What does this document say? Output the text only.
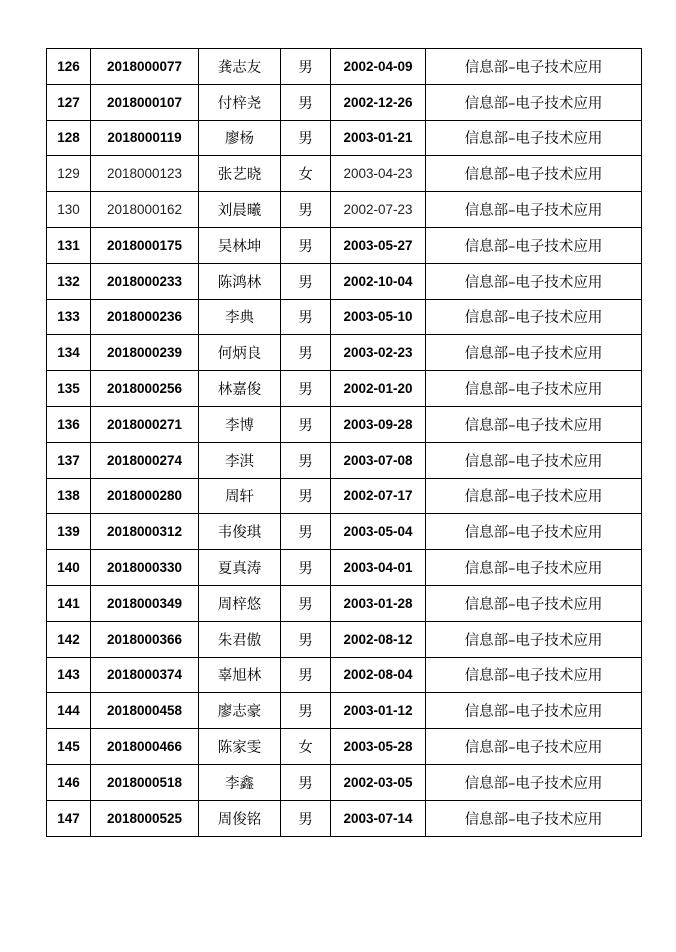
126	2018000077	龚志友	男	2002-04-09	信息部–电子技术应用
127	2018000107	付梓尧	男	2002-12-26	信息部–电子技术应用
128	2018000119	廖杨	男	2003-01-21	信息部–电子技术应用
129	2018000123	张艺晓	女	2003-04-23	信息部–电子技术应用
130	2018000162	刘晨曦	男	2002-07-23	信息部–电子技术应用
131	2018000175	吴林坤	男	2003-05-27	信息部–电子技术应用
132	2018000233	陈鸿林	男	2002-10-04	信息部–电子技术应用
133	2018000236	李典	男	2003-05-10	信息部–电子技术应用
134	2018000239	何炳良	男	2003-02-23	信息部–电子技术应用
135	2018000256	林嘉俊	男	2002-01-20	信息部–电子技术应用
136	2018000271	李博	男	2003-09-28	信息部–电子技术应用
137	2018000274	李淇	男	2003-07-08	信息部–电子技术应用
138	2018000280	周轩	男	2002-07-17	信息部–电子技术应用
139	2018000312	韦俊琪	男	2003-05-04	信息部–电子技术应用
140	2018000330	夏真涛	男	2003-04-01	信息部–电子技术应用
141	2018000349	周梓悠	男	2003-01-28	信息部–电子技术应用
142	2018000366	朱君傲	男	2002-08-12	信息部–电子技术应用
143	2018000374	辜旭林	男	2002-08-04	信息部–电子技术应用
144	2018000458	廖志豪	男	2003-01-12	信息部–电子技术应用
145	2018000466	陈家雯	女	2003-05-28	信息部–电子技术应用
146	2018000518	李鑫	男	2002-03-05	信息部–电子技术应用
147	2018000525	周俊铭	男	2003-07-14	信息部–电子技术应用
